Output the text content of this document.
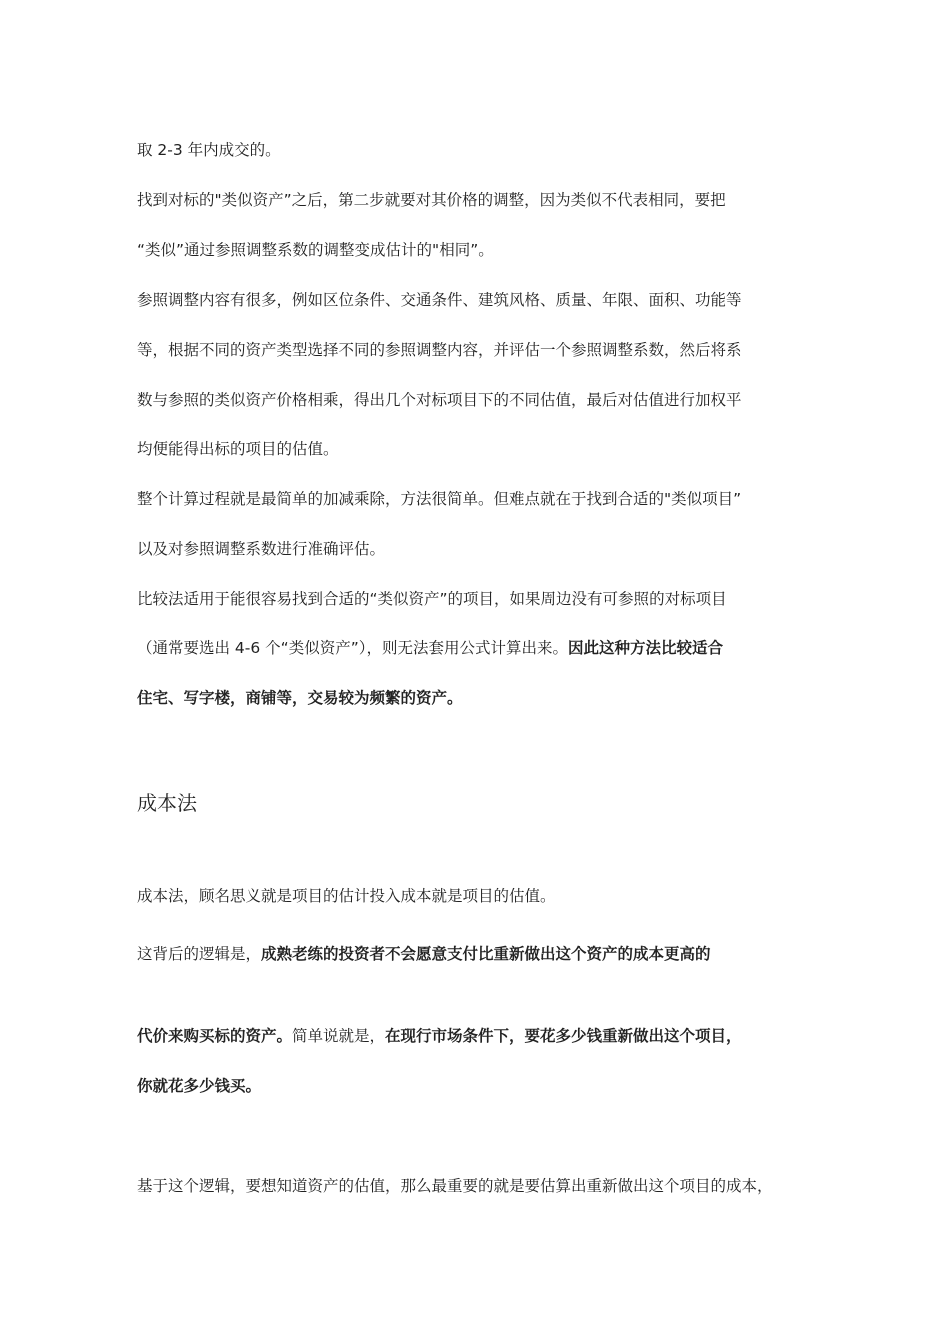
取 2-3 年内成交的。
找到对标的"类似资产”之后，第二步就要对其价格的调整，因为类似不代表相同，要把
“类似”通过参照调整系数的调整变成估计的"相同”。
参照调整内容有很多，例如区位条件、交通条件、建筑风格、质量、年限、面积、功能等
等，根据不同的资产类型选择不同的参照调整内容，并评估一个参照调整系数，然后将系
数与参照的类似资产价格相乘，得出几个对标项目下的不同估值，最后对估值进行加权平
均便能得出标的项目的估值。
整个计算过程就是最简单的加减乘除，方法很简单。但难点就在于找到合适的"类似项目”
以及对参照调整系数进行准确评估。
比较法适用于能很容易找到合适的“类似资产”的项目，如果周边没有可参照的对标项目
（通常要选出 4-6 个“类似资产”），则无法套用公式计算出来。因此这种方法比较适合
住宅、写字楼，商铺等，交易较为频繁的资产。
成本法
成本法，顾名思义就是项目的估计投入成本就是项目的估值。
这背后的逻辑是，成熟老练的投资者不会愿意支付比重新做出这个资产的成本更高的
代价来购买标的资产。简单说就是，在现行市场条件下，要花多少钱重新做出这个项目，
你就花多少钱买。
基于这个逻辑，要想知道资产的估值，那么最重要的就是要估算出重新做出这个项目的成本，
